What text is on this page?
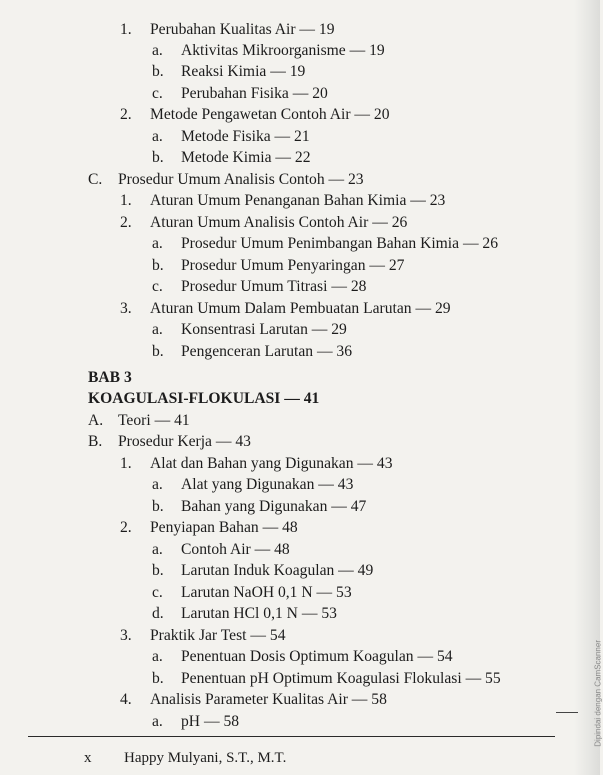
Dipindai dengan CamScanner
1. Perubahan Kualitas Air — 19
a. Aktivitas Mikroorganisme — 19
b. Reaksi Kimia — 19
c. Perubahan Fisika — 20
2. Metode Pengawetan Contoh Air — 20
a. Metode Fisika — 21
b. Metode Kimia — 22
C. Prosedur Umum Analisis Contoh — 23
1. Aturan Umum Penanganan Bahan Kimia — 23
2. Aturan Umum Analisis Contoh Air — 26
a. Prosedur Umum Penimbangan Bahan Kimia — 26
b. Prosedur Umum Penyaringan — 27
c. Prosedur Umum Titrasi — 28
3. Aturan Umum Dalam Pembuatan Larutan — 29
a. Konsentrasi Larutan — 29
b. Pengenceran Larutan — 36
BAB 3
KOAGULASI-FLOKULASI — 41
A. Teori — 41
B. Prosedur Kerja — 43
1. Alat dan Bahan yang Digunakan — 43
a. Alat yang Digunakan — 43
b. Bahan yang Digunakan — 47
2. Penyiapan Bahan — 48
a. Contoh Air — 48
b. Larutan Induk Koagulan — 49
c. Larutan NaOH 0,1 N — 53
d. Larutan HCl 0,1 N — 53
3. Praktik Jar Test — 54
a. Penentuan Dosis Optimum Koagulan — 54
b. Penentuan pH Optimum Koagulasi Flokulasi — 55
4. Analisis Parameter Kualitas Air — 58
a. pH — 58
x Happy Mulyani, S.T., M.T.
